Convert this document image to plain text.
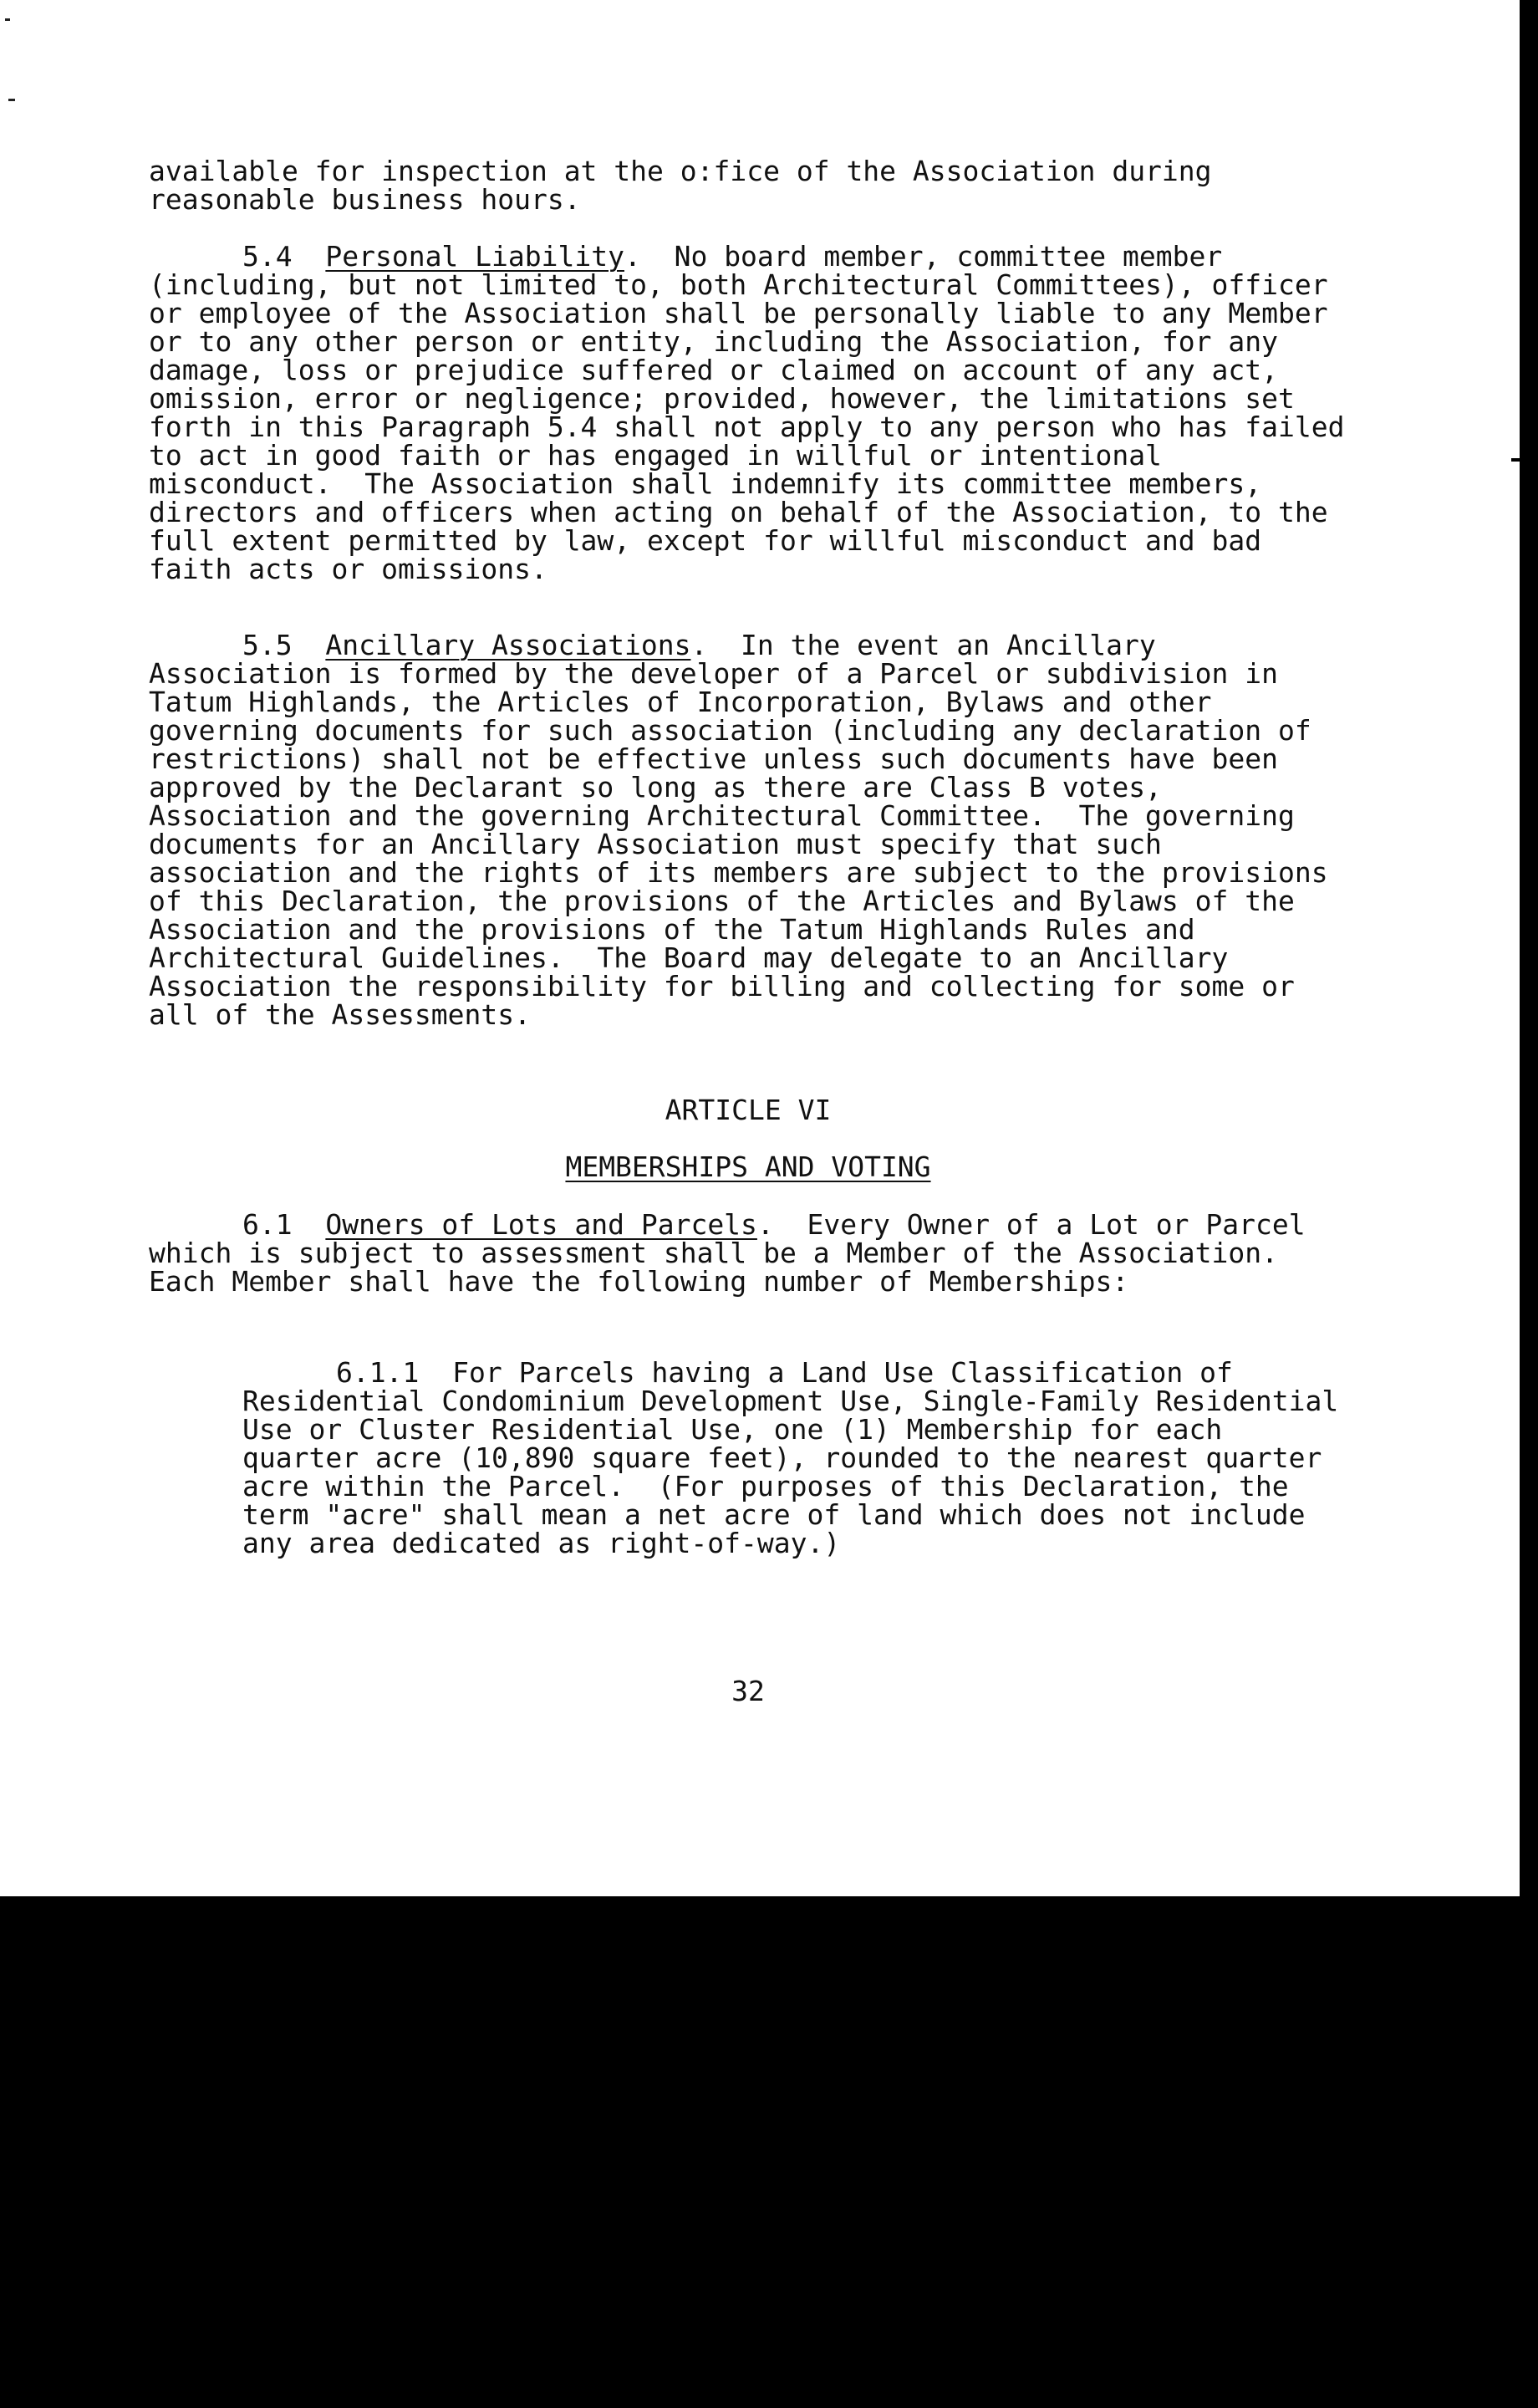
available for inspection at the o:fice of the Association during reasonable business hours.

5.4 Personal Liability.  No board member, committee member (including, but not limited to, both Architectural Committees), officer or employee of the Association shall be personally liable to any Member or to any other person or entity, including the Association, for any damage, loss or prejudice suffered or claimed on account of any act, omission, error or negligence; provided, however, the limitations set forth in this Paragraph 5.4 shall not apply to any person who has failed to act in good faith or has engaged in willful or intentional misconduct.  The Association shall indemnify its committee members, directors and officers when acting on behalf of the Association, to the full extent permitted by law, except for willful misconduct and bad faith acts or omissions.

5.5 Ancillary Associations.  In the event an Ancillary Association is formed by the developer of a Parcel or subdivision in Tatum Highlands, the Articles of Incorporation, Bylaws and other governing documents for such association (including any declaration of restrictions) shall not be effective unless such documents have been approved by the Declarant so long as there are Class B votes, Association and the governing Architectural Committee.  The governing documents for an Ancillary Association must specify that such association and the rights of its members are subject to the provisions of this Declaration, the provisions of the Articles and Bylaws of the Association and the provisions of the Tatum Highlands Rules and Architectural Guidelines.  The Board may delegate to an Ancillary Association the responsibility for billing and collecting for some or all of the Assessments.

ARTICLE VI

MEMBERSHIPS AND VOTING

6.1 Owners of Lots and Parcels.  Every Owner of a Lot or Parcel which is subject to assessment shall be a Member of the Association.  Each Member shall have the following number of Memberships:

6.1.1 For Parcels having a Land Use Classification of Residential Condominium Development Use, Single-Family Residential Use or Cluster Residential Use, one (1) Membership for each quarter acre (10,890 square feet), rounded to the nearest quarter acre within the Parcel.  (For purposes of this Declaration, the term "acre" shall mean a net acre of land which does not include any area dedicated as right-of-way.)

32
